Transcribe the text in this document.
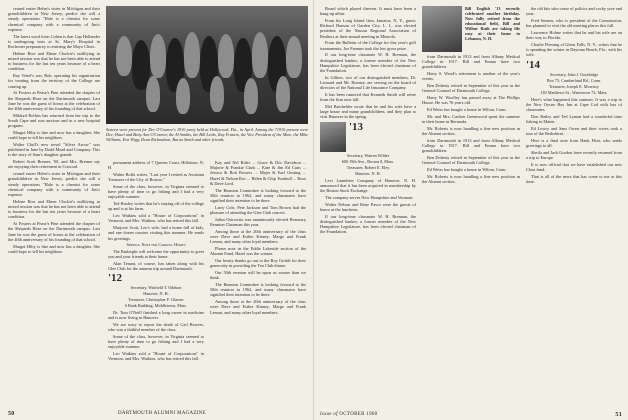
ceased easier Helen's sister in Michigan and their grandchildren in New Jersey, predict she will a steady operations "Hale is a chemist for some chemical company with a community of Jim's expense.

The latest word from Cohen is that Cap Hollander is undergoing tests at St. Mary's Hospital in Rochester preparatory to entering the Mayo Clinic.

Helene Rice and Elmer Cluckie's nullifying in mixed session was that he has not been able to attend to business for the last ten years because of a heart condition.

Ray Vettel's son, Bob, operating his organization for treating from the territory of the College are coming up.

At Fosters at Pease's Pine attended the chapter of the Shepards Hose on the Dartmouth campus. Last June he was the guest of honor at the celebration of the 40th anniversary of his founding of that school.

Mildred Rollins has returned from her trip to the South Cape and was anxious and in a new hospital program.

Margot Hilty is fine and now has a daughter. She could hope to tell his neighbors.

Walter Cluff's new novel "Silver Arrow" was published in June by Dodd Mead and Company. This is the story of Sam's daughter grande.

Robert Scott Bremer, '00, and Mrs. Bremer say are enjoying their retirement in Concord.

ceased easier Helen's sister in Michigan and their grandchildren in New Jersey, predict she will a steady operations "Hale is a chemist for some chemical company with a community of Jim's expense.

Helene Rice and Elmer Cluckie's nullifying in mixed session was that he has not been able to attend to business for the last ten years because of a heart condition.

At Fosters at Pease's Pine attended the chapter of the Shepards Hose on the Dartmouth campus. Last June he was the guest of honor at the celebration of the 40th anniversary of his founding of that school.

Margot Hilty is fine and now has a daughter. She could hope to tell his neighbors.

Sixteen were present for Dee O'Connor's 1910 party held at Hollywood, Fla., in April. Among the 71910 present were Dee, Hazel and Betty Ann O'Connor, the Al Smiths, the Bill Leeks, Ray Francis, the Vice President of the Mine, the Mike Williams, Eva Wigg, Dean Richardson, Bacon Smith and other friends.

permanent address of 7 Queens Court, Hillsboro, N. H.

Walter Boffa writes, "Last year I retired as Assistant Treasurer of the City of Boston."

Some of the class, however, in Virginia seemed to have plenty of time to go fishing and I had a very enjoyable summer.

Ted Huxley writes that he's staying off of the college up and is at his farm.

Leo Watkins sold a "House of Corporations" in Vermont, and Mrs. Watkins, who has retired this fall.

Marjorie Scott, Leo's wife, had a home full of kids, and one dozen cousins visiting this summer. He sends his greetings.

Springs, Note for Carroll Homes

The Burleighs will welcome the opportunity to greet you and your friends at their home.

Alan Tenant, of course, has taken along with his Glee Club for the autumn trip around Dartmouth.

'12
Secretary, Winfield T. Oddson
Hanover, N. H.
Treasurer, Christopher F. Glaeser
6 Bank Building, Middletown, Mass.

Dr. Tom O'Neill finished a long career in medicine and is now living in Hanover.

We are sorry to report the death of Carl Bowers, who was a faithful member of the class.

Some of the class, however, in Virginia seemed to have plenty of time to go fishing and I had a very enjoyable summer.

Leo Watkins sold a "House of Corporations" in Vermont, and Mrs. Watkins, who has retired this fall.

Kay and Nel Rider ... Grace & Doc Davidson ... Majorie & Frankie Clark ... Kate & Jim Ed Cutts ... Jessica & Bob Bowers ... Majer & Earl Gesting ... Hazel & Nelson Roc ... Helen & Chip Turnbull ... Rose & Dave Lord.

The Reunion Committee is looking forward to the 50th reunion in 1962, and many classmates have signified their intention to be there.

Larry Cole, Pete Jackson and Tom Brown had the pleasure of attending the Glee Club concert.

Julius Ostrowitz was unanimously elected Honorary Reunion Chairman this year.

Among those at the 20th anniversary of the class were Dave and Esther Kinney, Marge and Frank Lemon, and many other loyal members.

Please note in the Eddie Lakeside section of the Alumni Fund, Hazel was the winner.

Our hearty thanks go out to the Roy Gruhls for their generosity in providing the Ten Club dinner.

Our 50th reunion will be upon us sooner than we think.

The Reunion Committee is looking forward to the 50th reunion in 1962, and many classmates have signified their intention to be there.

Among those at the 20th anniversary of the class were Dave and Esther Kinney, Marge and Frank Lemon, and many other loyal members.

50	DARTMOUTH ALUMNI MAGAZINE

Board which played thereon. It must have been a hang-up affair.

From his Long Island firm, Jamaica, N. Y., guest: Richard Hanson of Garden City, L. I., was elected president of the Nassau Regional Association of Realtors at their annual meeting in Mineola.

From the Bulletin of the College for this year's golf tournaments, Joe Farnum took the low gross prize.

If our long-time classmate W. H. Brennan, the distinguished banker, a former member of the New Hampshire Legislature, has been elected chairman of the Foundation.

In Gilbert, two of our distinguished members, Dr. Leonard and Mr. Bonney, are serving on the board of directors of the National Life Insurance Company.

It has been rumored that Kenneth Smith will retire from the firm next fall.

Mel Batchelder wrote that he and his wife have a large house and many grandchildren, and they plan to visit Hanover in the spring.

'13
Secretary, Warren Wilder
600 19th Ave., Boston 8, Mass.
Treasurer, Robert E. Eley
Hanover, N. H.

Levi Laundries Company of Hanover, N. H. announced that it has been acquired in membership by the Boston Stock Exchange.

The company serves New Hampshire and Vermont.

Walter Nelson and Rene Pasco were the guests of honor at the luncheon.

If our long-time classmate W. H. Brennan, the distinguished banker, a former member of the New Hampshire Legislature, has been elected chairman of the Foundation.

Bill English '13 recently celebrated another birthday. Now fully retired from the educational field, Bill and Wilbur Ruth are taking life easy at their home in Lebanon, N. H.

from Dartmouth in 1913 and from Albany Medical College in 1917. Bill and Emma have two grandchildren.

Harry S. Wood's retirement is another of the year's events.

Ben Doherty retired in September of this year as the General Counsel of Dartmouth College.

Harry W. Woolley has passed away at The Phillips House. He was 76 years old.

Ed Weiss has bought a house in Wilton, Conn.

Mr. and Mrs. Carlton Greenwood spent the summer in their home in Bermuda.

Mr. Roberts is now handling a fine new position in the Alumni section.

from Dartmouth in 1913 and from Albany Medical College in 1917. Bill and Emma have two grandchildren.

Ben Doherty retired in September of this year as the General Counsel of Dartmouth College.

Ed Weiss has bought a house in Wilton, Conn.

Mr. Roberts is now handling a fine new position in the Alumni section.

the old bits who cease of politics and cocky yore and yoar.

Fred Stearns, who is president of the Commission, has planned to visit the old meeting places this fall.

Lawrence Holme writes that he and his wife are on their way to Florida.

Charlie Fleming of Glens Falls, N. Y., writes that he is spending the winter in Daytona Beach, Fla., with his wife.

'14
Secretary, John J. Goodridge
Box 75, Cumberland Rd., Conn.
Treasurer, Joseph E. Morrissy
183 Matthews St., Watertown 72, Mass.

Here's what happened this summer. It was a trip to the New Oyster Bay Inn at Cape Cod with lots of classmates.

Don Bailey and Ted Lyman had a wonderful time fishing in Maine.

Ed Lowry and Sam Owen and their wives took a tour of the Berkshires.

Here is a final note from Hank Flint, who sends greetings to all.

Sheila and Jack Gordon have recently returned from a trip to Europe.

It is now official that we have established our new Class fund.

That is all of the news that has come to me at this time.

Issue of OCTOBER 1960	51
